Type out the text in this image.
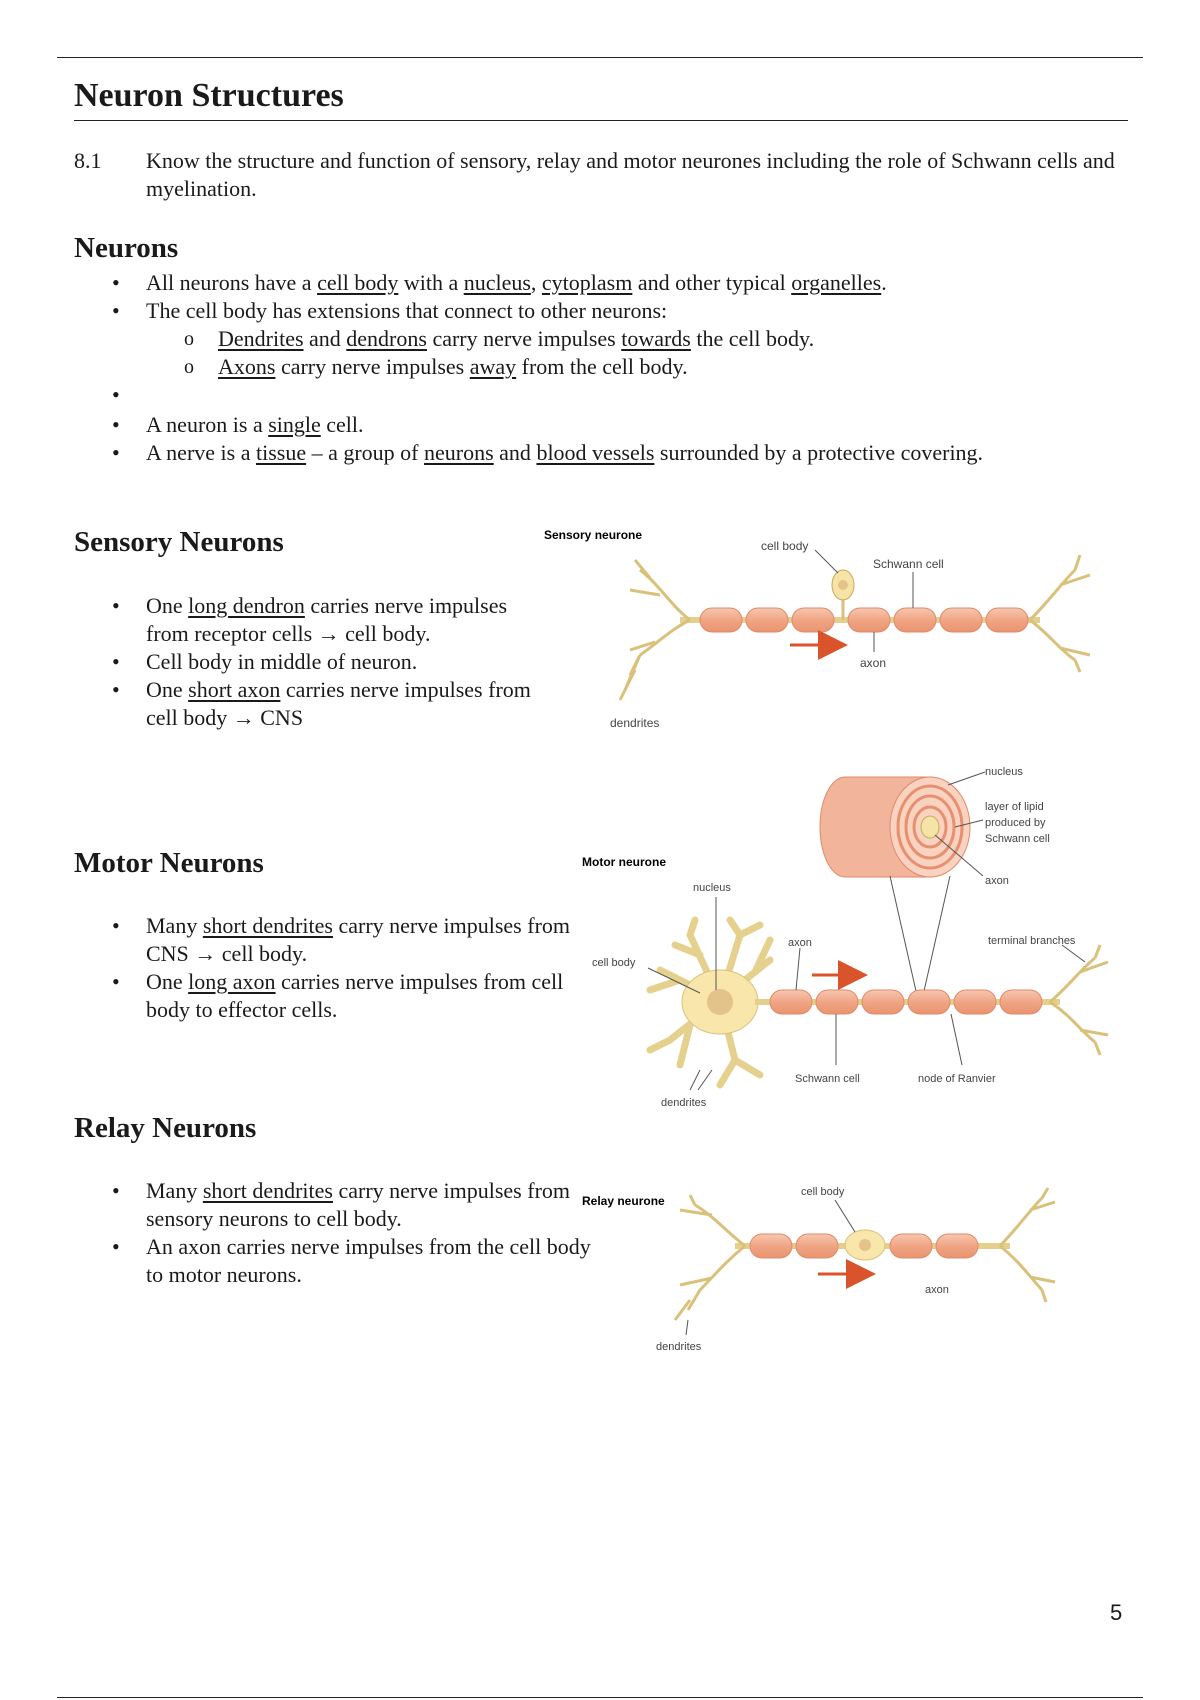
Neuron Structures
8.1 Know the structure and function of sensory, relay and motor neurones including the role of Schwann cells and myelination.
Neurons
• All neurons have a cell body with a nucleus, cytoplasm and other typical organelles.
• The cell body has extensions that connect to other neurons:
o Dendrites and dendrons carry nerve impulses towards the cell body.
o Axons carry nerve impulses away from the cell body.
•
• A neuron is a single cell.
• A nerve is a tissue – a group of neurons and blood vessels surrounded by a protective covering.
Sensory Neurons
• One long dendron carries nerve impulses from receptor cells → cell body.
• Cell body in middle of neuron.
• One short axon carries nerve impulses from cell body → CNS
Motor Neurons
• Many short dendrites carry nerve impulses from CNS → cell body.
• One long axon carries nerve impulses from cell body to effector cells.
Relay Neurons
• Many short dendrites carry nerve impulses from sensory neurons to cell body.
• An axon carries nerve impulses from the cell body to motor neurons.
Sensory neurone
cell body
Schwann cell
axon
dendrites
nucleus
layer of lipid
produced by
Schwann cell
axon
Motor neurone
nucleus
cell body
axon	terminal branches
Schwann cell	node of Ranvier
dendrites
Relay neurone
cell body
axon
dendrites
5
